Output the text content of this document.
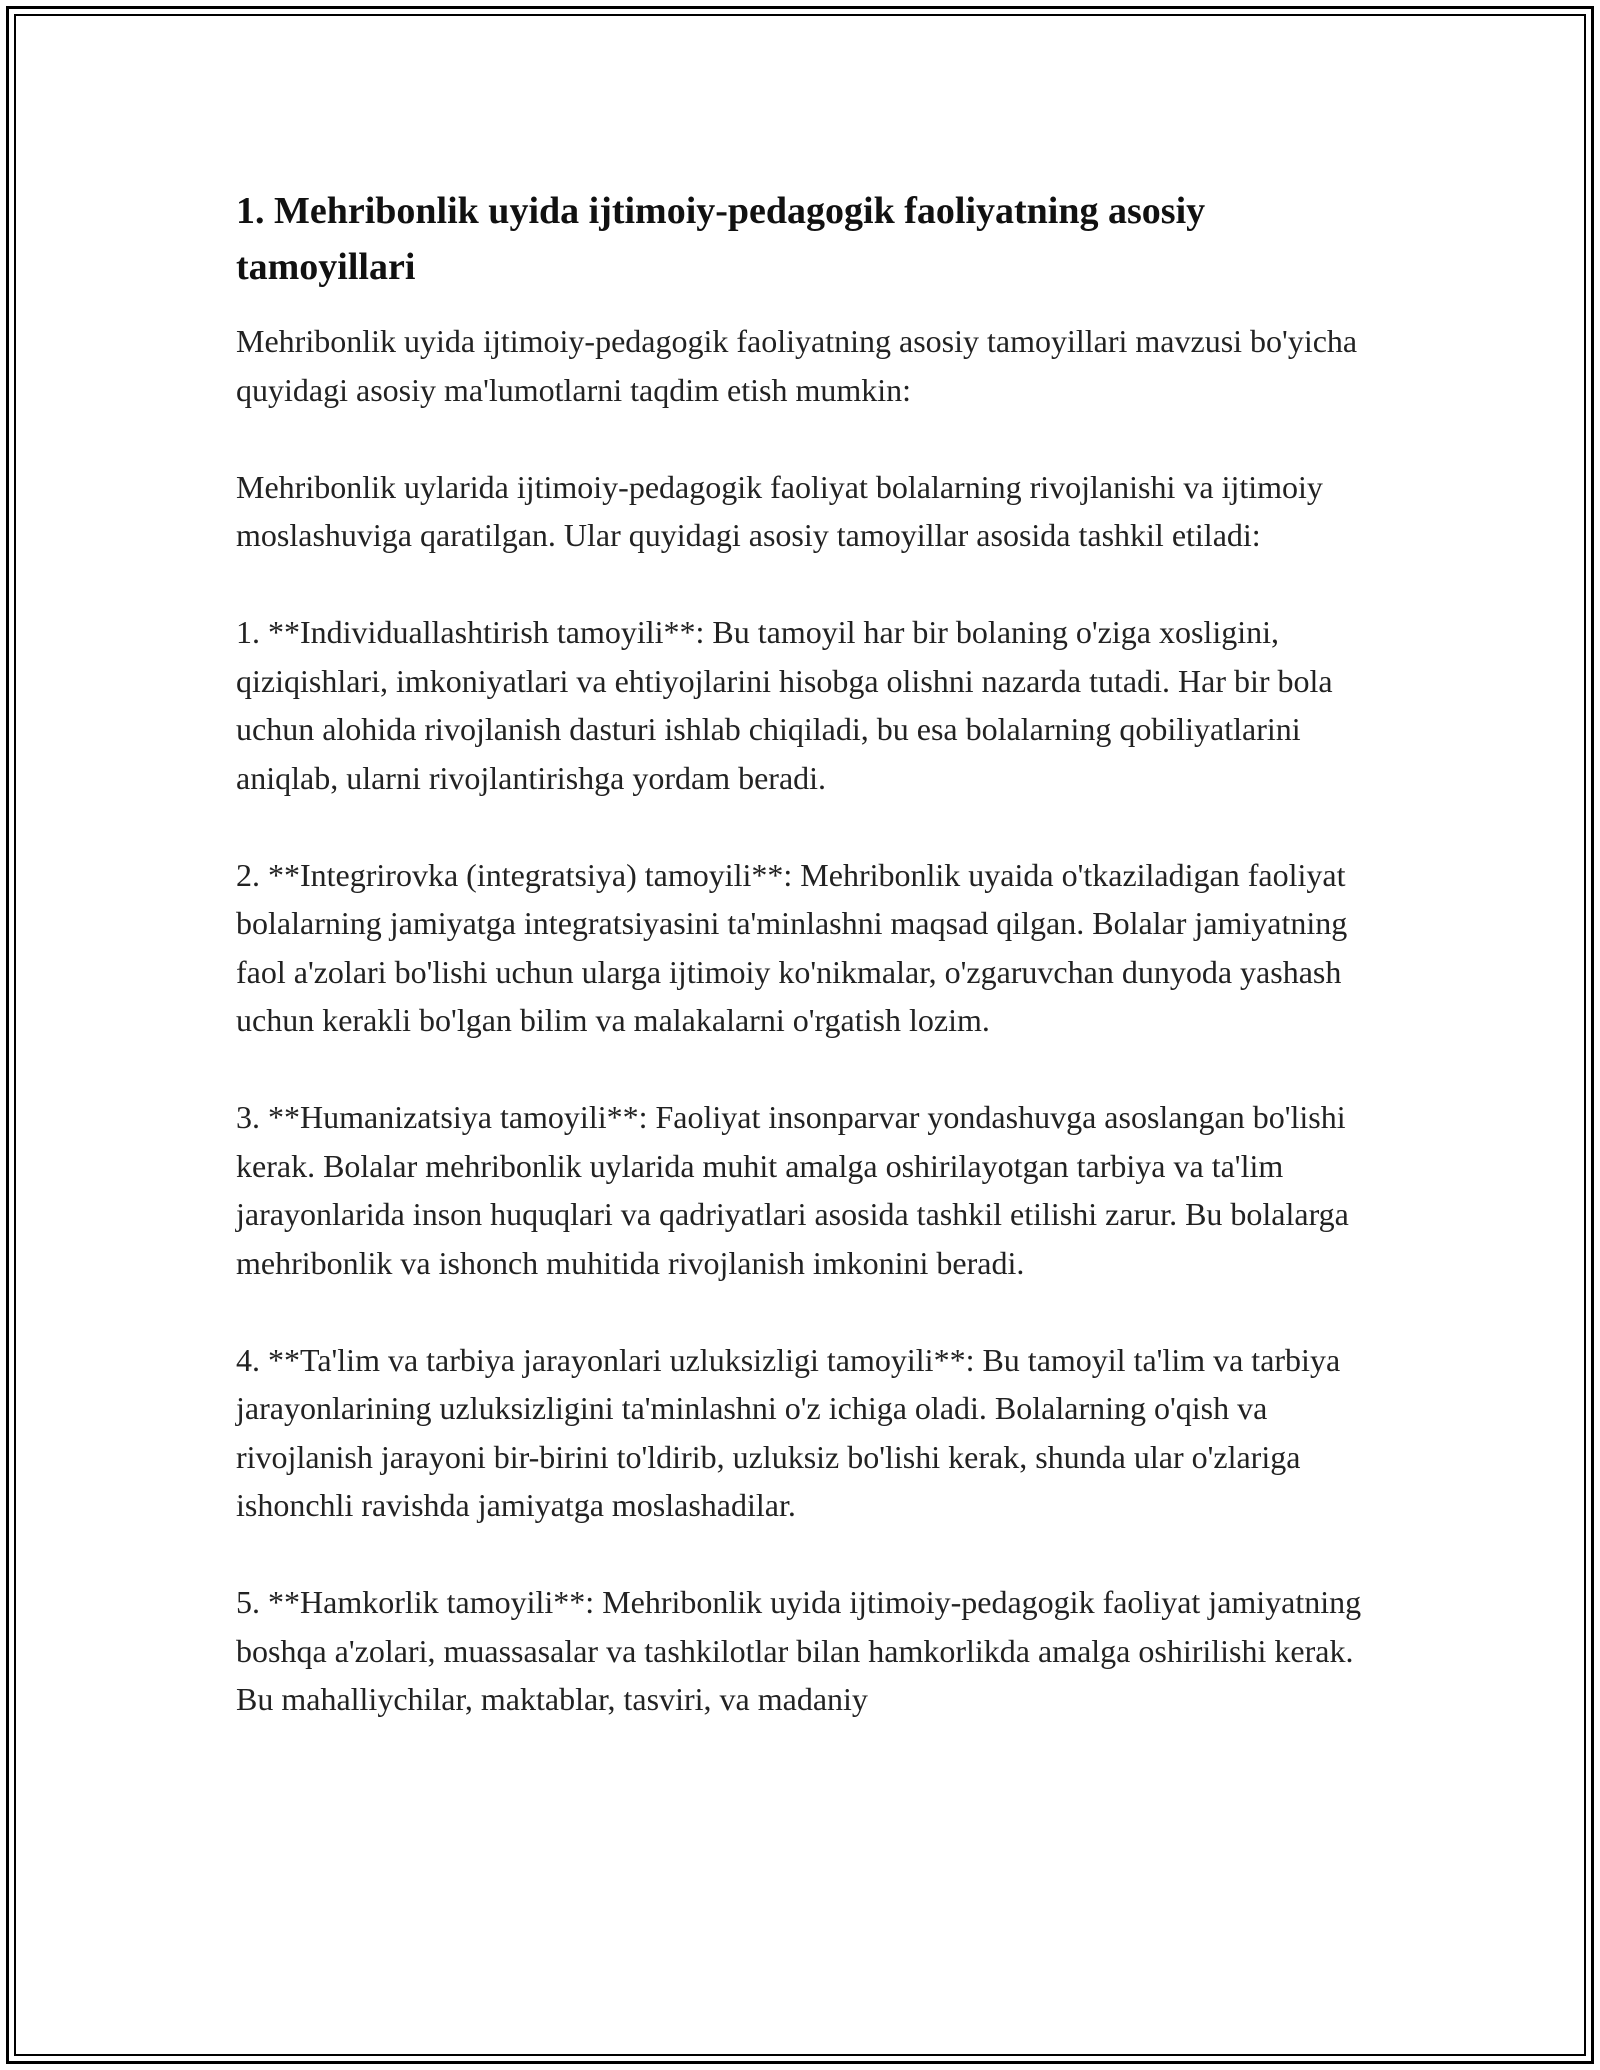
1. Mehribonlik uyida ijtimoiy-pedagogik faoliyatning asosiy tamoyillari

Mehribonlik uyida ijtimoiy-pedagogik faoliyatning asosiy tamoyillari mavzusi bo'yicha quyidagi asosiy ma'lumotlarni taqdim etish mumkin:

Mehribonlik uylarida ijtimoiy-pedagogik faoliyat bolalarning rivojlanishi va ijtimoiy moslashuviga qaratilgan. Ular quyidagi asosiy tamoyillar asosida tashkil etiladi:

1. **Individuallashtirish tamoyili**: Bu tamoyil har bir bolaning o'ziga xosligini, qiziqishlari, imkoniyatlari va ehtiyojlarini hisobga olishni nazarda tutadi. Har bir bola uchun alohida rivojlanish dasturi ishlab chiqiladi, bu esa bolalarning qobiliyatlarini aniqlab, ularni rivojlantirishga yordam beradi.

2. **Integrirovka (integratsiya) tamoyili**: Mehribonlik uyaida o'tkaziladigan faoliyat bolalarning jamiyatga integratsiyasini ta'minlashni maqsad qilgan. Bolalar jamiyatning faol a'zolari bo'lishi uchun ularga ijtimoiy ko'nikmalar, o'zgaruvchan dunyoda yashash uchun kerakli bo'lgan bilim va malakalarni o'rgatish lozim.

3. **Humanizatsiya tamoyili**: Faoliyat insonparvar yondashuvga asoslangan bo'lishi kerak. Bolalar mehribonlik uylarida muhit amalga oshirilayotgan tarbiya va ta'lim jarayonlarida inson huquqlari va qadriyatlari asosida tashkil etilishi zarur. Bu bolalarga mehribonlik va ishonch muhitida rivojlanish imkonini beradi.

4. **Ta'lim va tarbiya jarayonlari uzluksizligi tamoyili**: Bu tamoyil ta'lim va tarbiya jarayonlarining uzluksizligini ta'minlashni o'z ichiga oladi. Bolalarning o'qish va rivojlanish jarayoni bir-birini to'ldirib, uzluksiz bo'lishi kerak, shunda ular o'zlariga ishonchli ravishda jamiyatga moslashadilar.

5. **Hamkorlik tamoyili**: Mehribonlik uyida ijtimoiy-pedagogik faoliyat jamiyatning boshqa a'zolari, muassasalar va tashkilotlar bilan hamkorlikda amalga oshirilishi kerak. Bu mahalliychilar, maktablar, tasviri, va madaniy
